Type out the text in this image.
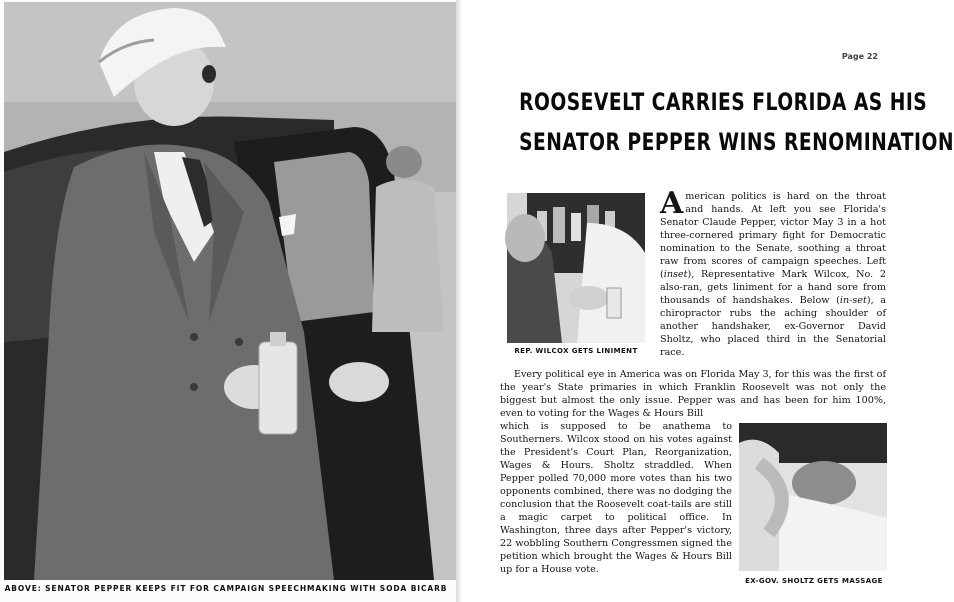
ABOVE: SENATOR PEPPER KEEPS FIT FOR CAMPAIGN SPEECHMAKING WITH SODA BICARB
Page 22
ROOSEVELT CARRIES FLORIDA AS HIS
SENATOR PEPPER WINS RENOMINATION
REP. WILCOX GETS LINIMENT
American politics is hard on the throat and hands. At left you see Florida's Senator Claude Pepper, victor May 3 in a hot three-cornered primary fight for Democratic nomination to the Senate, soothing a throat raw from scores of campaign speeches. Left (inset), Representative Mark Wilcox, No. 2 also-ran, gets liniment for a hand sore from thousands of handshakes. Below (in-set), a chiropractor rubs the aching shoulder of another handshaker, ex-Governor David Sholtz, who placed third in the Senatorial race.
Every political eye in America was on Florida May 3, for this was the first of the year's State primaries in which Franklin Roosevelt was not only the biggest but almost the only issue. Pepper was and has been for him 100%, even to voting for the Wages & Hours Bill
which is supposed to be anathema to Southerners. Wilcox stood on his votes against the President's Court Plan, Reorganization, Wages & Hours. Sholtz straddled. When Pepper polled 70,000 more votes than his two opponents combined, there was no dodging the conclusion that the Roosevelt coat-tails are still a magic carpet to political office. In Washington, three days after Pepper's victory, 22 wobbling Southern Congressmen signed the petition which brought the Wages & Hours Bill up for a House vote.
EX-GOV. SHOLTZ GETS MASSAGE
